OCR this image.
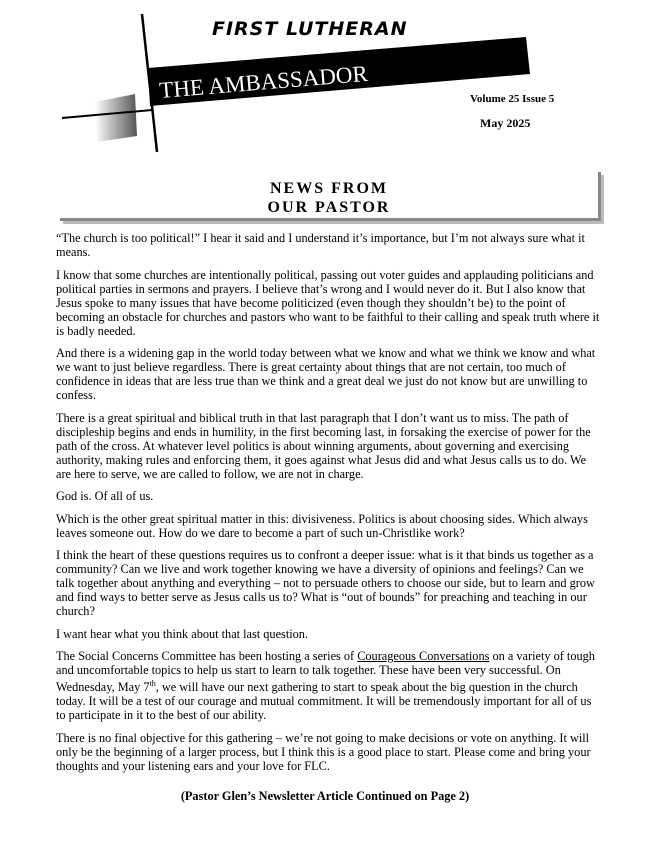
THE AMBASSADOR
FIRST LUTHERAN
Volume 25 Issue 5
May 2025
NEWS FROM
OUR PASTOR

“The church is too political!” I hear it said and I understand it’s importance, but I’m not always sure what it means.

I know that some churches are intentionally political, passing out voter guides and applauding politicians and political parties in sermons and prayers. I believe that’s wrong and I would never do it. But I also know that Jesus spoke to many issues that have become politicized (even though they shouldn’t be) to the point of becoming an obstacle for churches and pastors who want to be faithful to their calling and speak truth where it is badly needed.

And there is a widening gap in the world today between what we know and what we think we know and what we want to just believe regardless. There is great certainty about things that are not certain, too much of confidence in ideas that are less true than we think and a great deal we just do not know but are unwilling to confess.

There is a great spiritual and biblical truth in that last paragraph that I don’t want us to miss. The path of discipleship begins and ends in humility, in the first becoming last, in forsaking the exercise of power for the path of the cross. At whatever level politics is about winning arguments, about governing and exercising authority, making rules and enforcing them, it goes against what Jesus did and what Jesus calls us to do. We are here to serve, we are called to follow, we are not in charge.

God is. Of all of us.

Which is the other great spiritual matter in this: divisiveness. Politics is about choosing sides. Which always leaves someone out. How do we dare to become a part of such un-Christlike work?

I think the heart of these questions requires us to confront a deeper issue: what is it that binds us together as a community? Can we live and work together knowing we have a diversity of opinions and feelings? Can we talk together about anything and everything – not to persuade others to choose our side, but to learn and grow and find ways to better serve as Jesus calls us to? What is “out of bounds” for preaching and teaching in our church?

I want hear what you think about that last question.

The Social Concerns Committee has been hosting a series of Courageous Conversations on a variety of tough and uncomfortable topics to help us start to learn to talk together. These have been very successful. On Wednesday, May 7th, we will have our next gathering to start to speak about the big question in the church today. It will be a test of our courage and mutual commitment. It will be tremendously important for all of us to participate in it to the best of our ability.

There is no final objective for this gathering – we’re not going to make decisions or vote on anything. It will only be the beginning of a larger process, but I think this is a good place to start. Please come and bring your thoughts and your listening ears and your love for FLC.

(Pastor Glen’s Newsletter Article Continued on Page 2)
